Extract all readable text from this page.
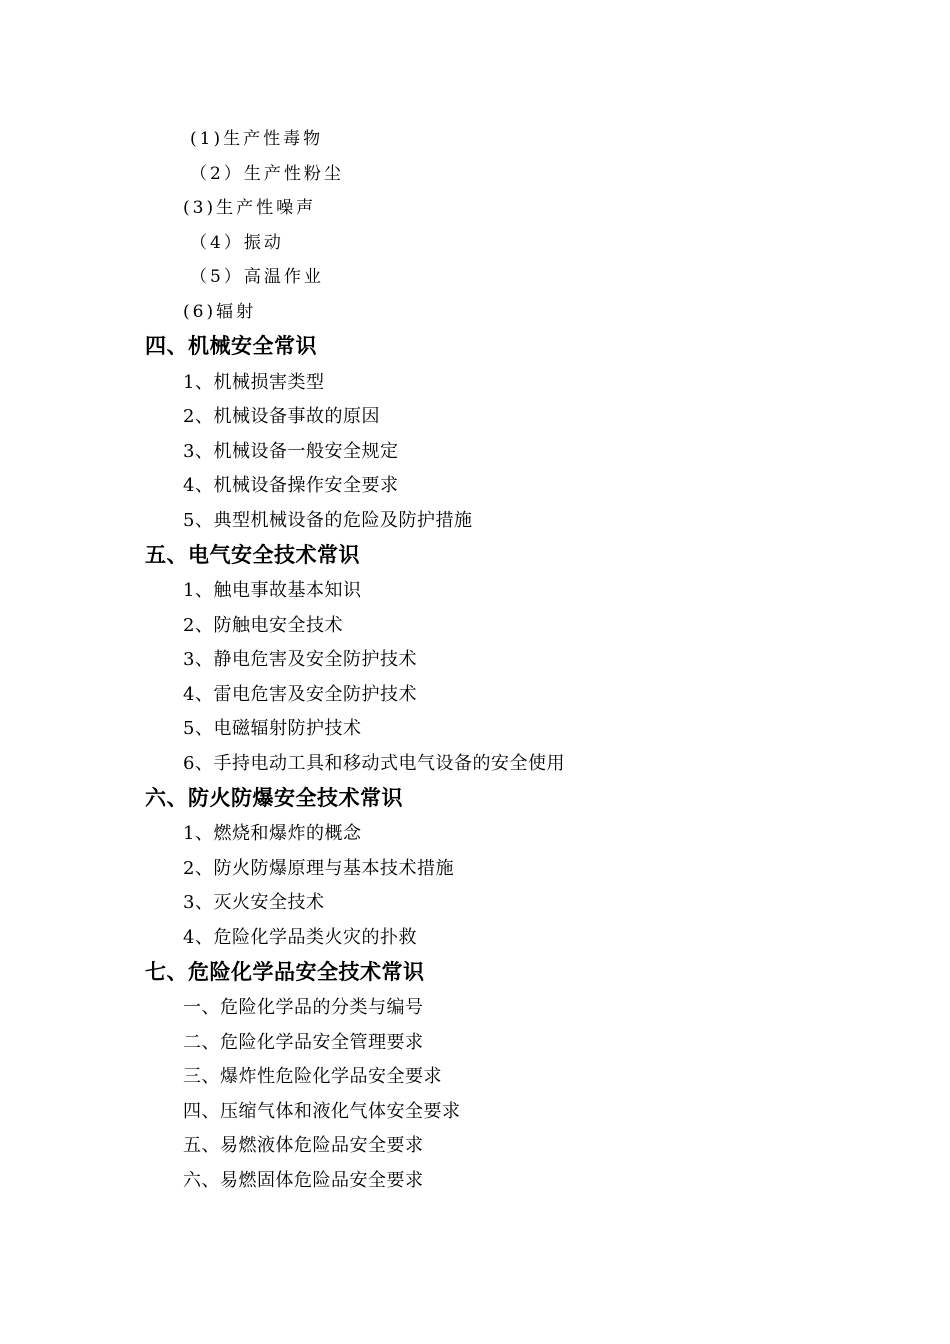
(1)生产性毒物
（2）生产性粉尘
(3)生产性噪声
（4）振动
（5）高温作业
(6)辐射
四、机械安全常识
1、机械损害类型
2、机械设备事故的原因
3、机械设备一般安全规定
4、机械设备操作安全要求
5、典型机械设备的危险及防护措施
五、电气安全技术常识
1、触电事故基本知识
2、防触电安全技术
3、静电危害及安全防护技术
4、雷电危害及安全防护技术
5、电磁辐射防护技术
6、手持电动工具和移动式电气设备的安全使用
六、防火防爆安全技术常识
1、燃烧和爆炸的概念
2、防火防爆原理与基本技术措施
3、灭火安全技术
4、危险化学品类火灾的扑救
七、危险化学品安全技术常识
一、危险化学品的分类与编号
二、危险化学品安全管理要求
三、爆炸性危险化学品安全要求
四、压缩气体和液化气体安全要求
五、易燃液体危险品安全要求
六、易燃固体危险品安全要求
